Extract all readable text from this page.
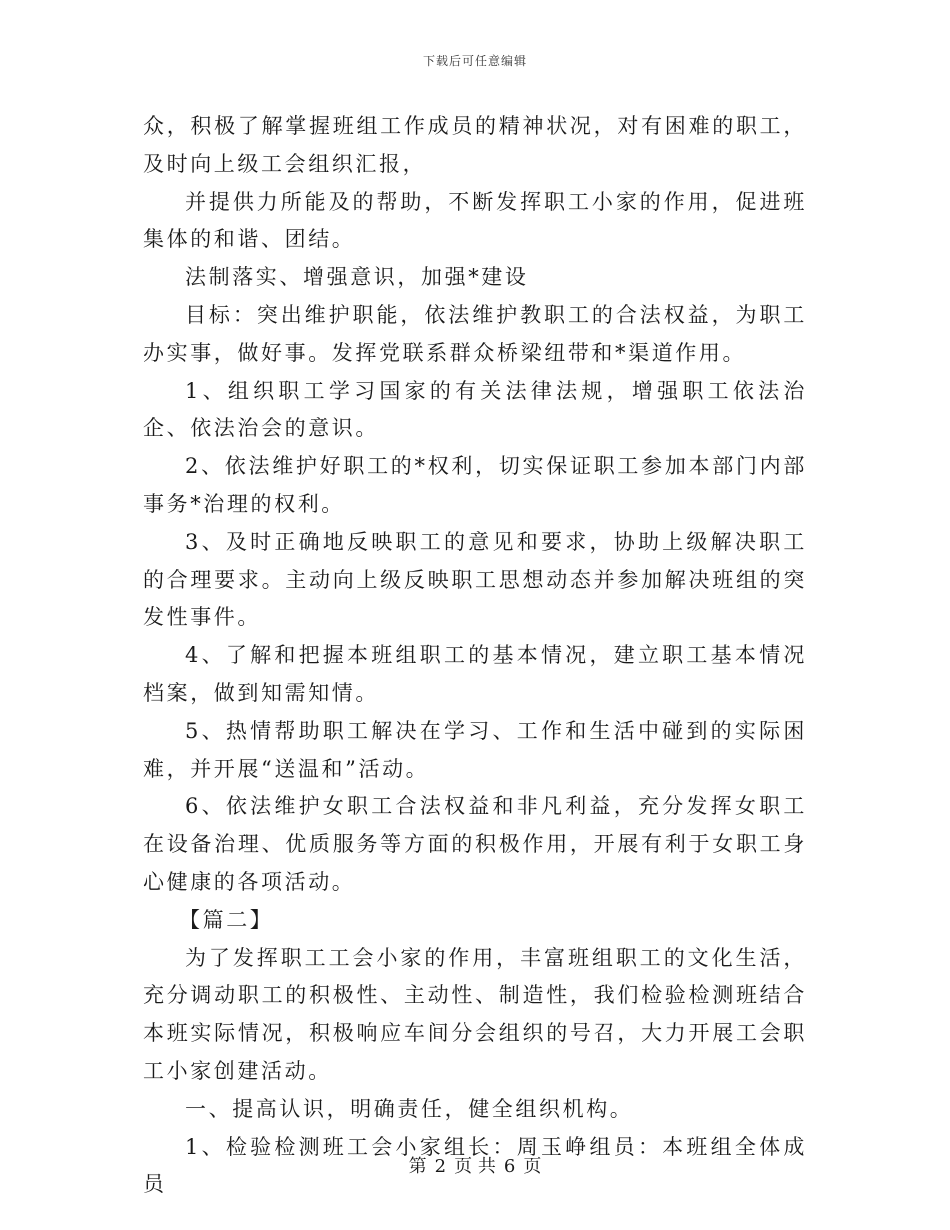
下载后可任意编辑

众，积极了解掌握班组工作成员的精神状况，对有困难的职工，及时向上级工会组织汇报，

并提供力所能及的帮助，不断发挥职工小家的作用，促进班集体的和谐、团结。

法制落实、增强意识，加强*建设

目标：突出维护职能，依法维护教职工的合法权益，为职工办实事，做好事。发挥党联系群众桥梁纽带和*渠道作用。

1、组织职工学习国家的有关法律法规，增强职工依法治企、依法治会的意识。

2、依法维护好职工的*权利，切实保证职工参加本部门内部事务*治理的权利。

3、及时正确地反映职工的意见和要求，协助上级解决职工的合理要求。主动向上级反映职工思想动态并参加解决班组的突发性事件。

4、了解和把握本班组职工的基本情况，建立职工基本情况档案，做到知需知情。

5、热情帮助职工解决在学习、工作和生活中碰到的实际困难，并开展“送温和”活动。

6、依法维护女职工合法权益和非凡利益，充分发挥女职工在设备治理、优质服务等方面的积极作用，开展有利于女职工身心健康的各项活动。

【篇二】

为了发挥职工工会小家的作用，丰富班组职工的文化生活，充分调动职工的积极性、主动性、制造性，我们检验检测班结合本班实际情况，积极响应车间分会组织的号召，大力开展工会职工小家创建活动。

一、提高认识，明确责任，健全组织机构。

1、检验检测班工会小家组长：周玉峥组员：本班组全体成员

第 2 页 共 6 页
